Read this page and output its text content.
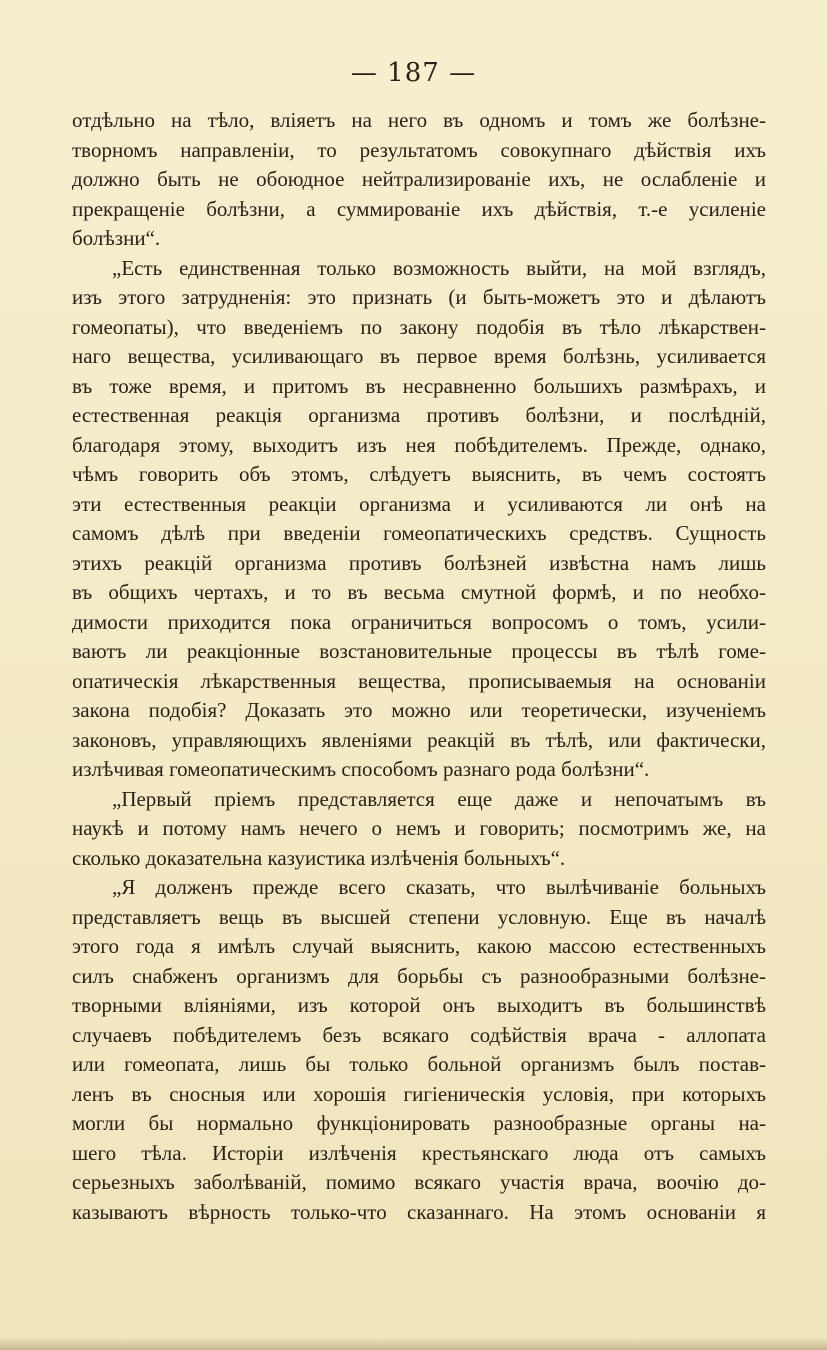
— 187 —
отдѣльно на тѣло, вліяетъ на него въ одномъ и томъ же болѣзне-
творномъ направленіи, то результатомъ совокупнаго дѣйствія ихъ
должно быть не обоюдное нейтрализированіе ихъ, не ослабленіе и
прекращеніе болѣзни, а суммированіе ихъ дѣйствія, т.-е усиленіе
болѣзни“.
„Есть единственная только возможность выйти, на мой взглядъ,
изъ этого затрудненія: это признать (и быть-можетъ это и дѣлаютъ
гомеопаты), что введеніемъ по закону подобія въ тѣло лѣкарствен-
наго вещества, усиливающаго въ первое время болѣзнь, усиливается
въ тоже время, и притомъ въ несравненно большихъ размѣрахъ, и
естественная реакція организма противъ болѣзни, и послѣдній,
благодаря этому, выходитъ изъ нея побѣдителемъ. Прежде, однако,
чѣмъ говорить объ этомъ, слѣдуетъ выяснить, въ чемъ состоятъ
эти естественныя реакціи организма и усиливаются ли онѣ на
самомъ дѣлѣ при введеніи гомеопатическихъ средствъ. Сущность
этихъ реакцій организма противъ болѣзней извѣстна намъ лишь
въ общихъ чертахъ, и то въ весьма смутной формѣ, и по необхо-
димости приходится пока ограничиться вопросомъ о томъ, усили-
ваютъ ли реакціонные возстановительные процессы въ тѣлѣ гоме-
опатическія лѣкарственныя вещества, прописываемыя на основаніи
закона подобія? Доказать это можно или теоретически, изученіемъ
законовъ, управляющихъ явленіями реакцій въ тѣлѣ, или фактически,
излѣчивая гомеопатическимъ способомъ разнаго рода болѣзни“.
„Первый пріемъ представляется еще даже и непочатымъ въ
наукѣ и потому намъ нечего о немъ и говорить; посмотримъ же, на
сколько доказательна казуистика излѣченія больныхъ“.
„Я долженъ прежде всего сказать, что вылѣчиваніе больныхъ
представляетъ вещь въ высшей степени условную. Еще въ началѣ
этого года я имѣлъ случай выяснить, какою массою естественныхъ
силъ снабженъ организмъ для борьбы съ разнообразными болѣзне-
творными вліяніями, изъ которой онъ выходитъ въ большинствѣ
случаевъ побѣдителемъ безъ всякаго содѣйствія врача - аллопата
или гомеопата, лишь бы только больной организмъ былъ постав-
ленъ въ сносныя или хорошія гигіеническія условія, при которыхъ
могли бы нормально функціонировать разнообразные органы на-
шего тѣла. Исторіи излѣченія крестьянскаго люда отъ самыхъ
серьезныхъ заболѣваній, помимо всякаго участія врача, воочію до-
казываютъ вѣрность только-что сказаннаго. На этомъ основаніи я
